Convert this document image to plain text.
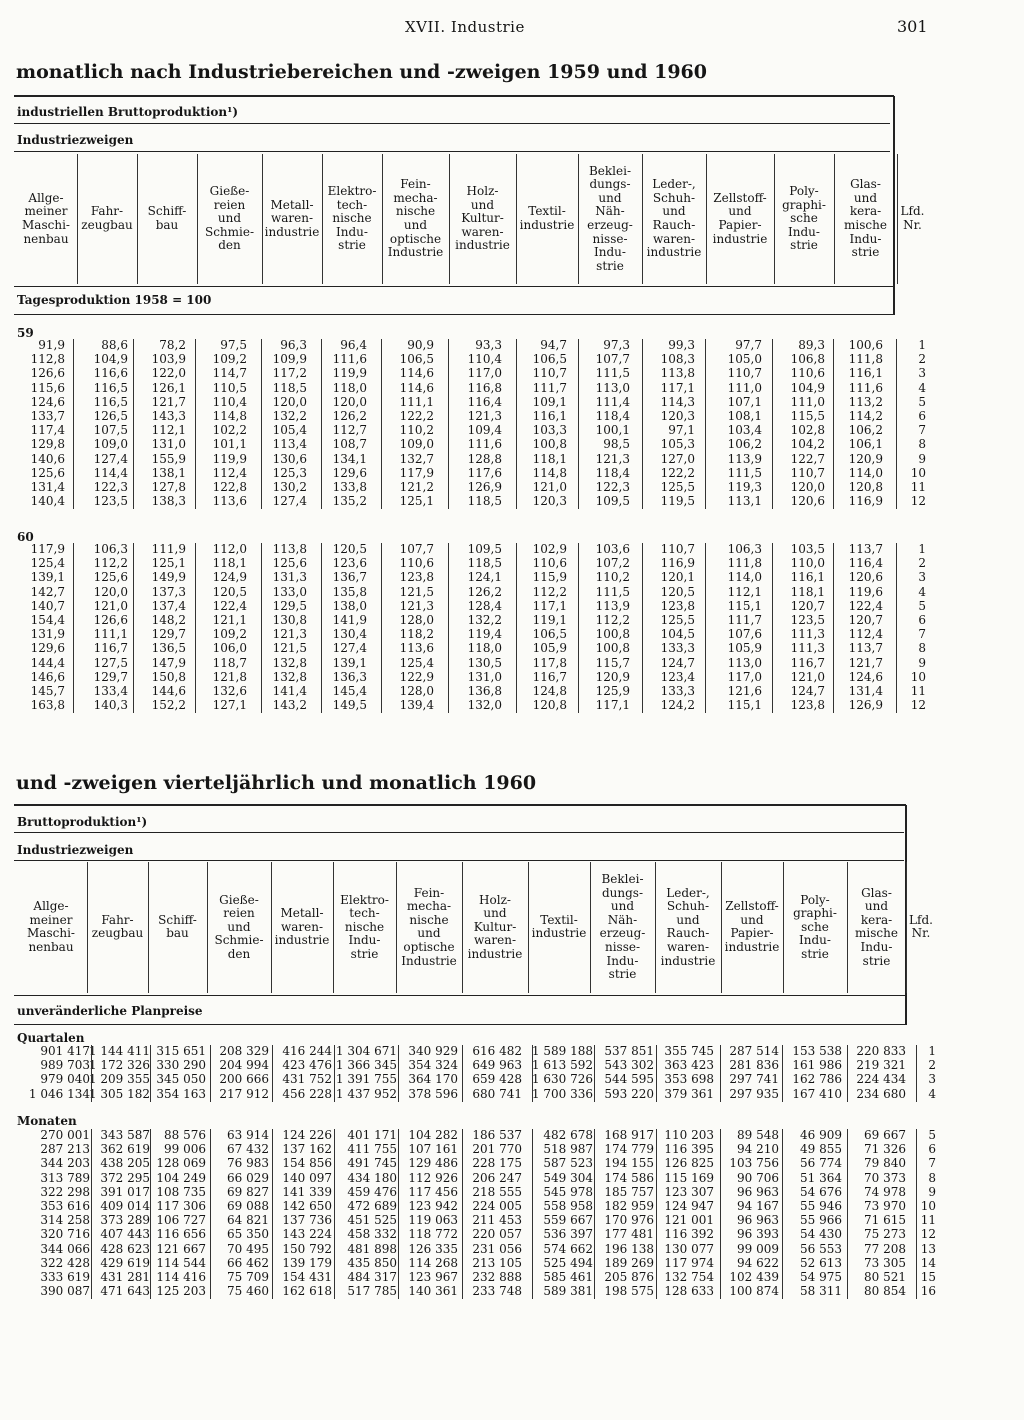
XVII. Industrie	301
monatlich nach Industriebereichen und -zweigen 1959 und 1960
und -zweigen vierteljährlich und monatlich 1960
industriellen Bruttoproduktion¹)
Industriezweigen
Tagesproduktion 1958 = 100
Bruttoproduktion¹)
Industriezweigen
unveränderliche Planpreise
Allge-
meiner
Maschi-
nenbau
Fahr-
zeugbau
Schiff-
bau
Gieße-
reien
und
Schmie-
den
Metall-
waren-
industrie
Elektro-
tech-
nische
Indu-
strie
Fein-
mecha-
nische
und
optische
Industrie
Holz-
und
Kultur-
waren-
industrie
Textil-
industrie
Beklei-
dungs-
und
Näh-
erzeug-
nisse-
Indu-
strie
Leder-,
Schuh-
und
Rauch-
waren-
industrie
Zellstoff-
und
Papier-
industrie
Poly-
graphi-
sche
Indu-
strie
Glas-
und
kera-
mische
Indu-
strie
Lfd.
Nr.
59
91,9
112,8
126,6
115,6
124,6
133,7
117,4
129,8
140,6
125,6
131,4
140,4
88,6
104,9
116,6
116,5
116,5
126,5
107,5
109,0
127,4
114,4
122,3
123,5
78,2
103,9
122,0
126,1
121,7
143,3
112,1
131,0
155,9
138,1
127,8
138,3
97,5
109,2
114,7
110,5
110,4
114,8
102,2
101,1
119,9
112,4
122,8
113,6
96,3
109,9
117,2
118,5
120,0
132,2
105,4
113,4
130,6
125,3
130,2
127,4
96,4
111,6
119,9
118,0
120,0
126,2
112,7
108,7
134,1
129,6
133,8
135,2
90,9
106,5
114,6
114,6
111,1
122,2
110,2
109,0
132,7
117,9
121,2
125,1
93,3
110,4
117,0
116,8
116,4
121,3
109,4
111,6
128,8
117,6
126,9
118,5
94,7
106,5
110,7
111,7
109,1
116,1
103,3
100,8
118,1
114,8
121,0
120,3
97,3
107,7
111,5
113,0
111,4
118,4
100,1
98,5
121,3
118,4
122,3
109,5
99,3
108,3
113,8
117,1
114,3
120,3
97,1
105,3
127,0
122,2
125,5
119,5
97,7
105,0
110,7
111,0
107,1
108,1
103,4
106,2
113,9
111,5
119,3
113,1
89,3
106,8
110,6
104,9
111,0
115,5
102,8
104,2
122,7
110,7
120,0
120,6
100,6
111,8
116,1
111,6
113,2
114,2
106,2
106,1
120,9
114,0
120,8
116,9
1
2
3
4
5
6
7
8
9
10
11
12
60
117,9
125,4
139,1
142,7
140,7
154,4
131,9
129,6
144,4
146,6
145,7
163,8
106,3
112,2
125,6
120,0
121,0
126,6
111,1
116,7
127,5
129,7
133,4
140,3
111,9
125,1
149,9
137,3
137,4
148,2
129,7
136,5
147,9
150,8
144,6
152,2
112,0
118,1
124,9
120,5
122,4
121,1
109,2
106,0
118,7
121,8
132,6
127,1
113,8
125,6
131,3
133,0
129,5
130,8
121,3
121,5
132,8
132,8
141,4
143,2
120,5
123,6
136,7
135,8
138,0
141,9
130,4
127,4
139,1
136,3
145,4
149,5
107,7
110,6
123,8
121,5
121,3
128,0
118,2
113,6
125,4
122,9
128,0
139,4
109,5
118,5
124,1
126,2
128,4
132,2
119,4
118,0
130,5
131,0
136,8
132,0
102,9
110,6
115,9
112,2
117,1
119,1
106,5
105,9
117,8
116,7
124,8
120,8
103,6
107,2
110,2
111,5
113,9
112,2
100,8
100,8
115,7
120,9
125,9
117,1
110,7
116,9
120,1
120,5
123,8
125,5
104,5
133,3
124,7
123,4
133,3
124,2
106,3
111,8
114,0
112,1
115,1
111,7
107,6
105,9
113,0
117,0
121,6
115,1
103,5
110,0
116,1
118,1
120,7
123,5
111,3
111,3
116,7
121,0
124,7
123,8
113,7
116,4
120,6
119,6
122,4
120,7
112,4
113,7
121,7
124,6
131,4
126,9
1
2
3
4
5
6
7
8
9
10
11
12
Allge-
meiner
Maschi-
nenbau
Fahr-
zeugbau
Schiff-
bau
Gieße-
reien
und
Schmie-
den
Metall-
waren-
industrie
Elektro-
tech-
nische
Indu-
strie
Fein-
mecha-
nische
und
optische
Industrie
Holz-
und
Kultur-
waren-
industrie
Textil-
industrie
Beklei-
dungs-
und
Näh-
erzeug-
nisse-
Indu-
strie
Leder-,
Schuh-
und
Rauch-
waren-
industrie
Zellstoff-
und
Papier-
industrie
Poly-
graphi-
sche
Indu-
strie
Glas-
und
kera-
mische
Indu-
strie
Lfd.
Nr.
Quartalen
901 417
989 703
979 040
1 046 134
1 144 411
1 172 326
1 209 355
1 305 182
315 651
330 290
345 050
354 163
208 329
204 994
200 666
217 912
416 244
423 476
431 752
456 228
1 304 671
1 366 345
1 391 755
1 437 952
340 929
354 324
364 170
378 596
616 482
649 963
659 428
680 741
1 589 188
1 613 592
1 630 726
1 700 336
537 851
543 302
544 595
593 220
355 745
363 423
353 698
379 361
287 514
281 836
297 741
297 935
153 538
161 986
162 786
167 410
220 833
219 321
224 434
234 680
1
2
3
4
Monaten
270 001
287 213
344 203
313 789
322 298
353 616
314 258
320 716
344 066
322 428
333 619
390 087
343 587
362 619
438 205
372 295
391 017
409 014
373 289
407 443
428 623
429 619
431 281
471 643
88 576
99 006
128 069
104 249
108 735
117 306
106 727
116 656
121 667
114 544
114 416
125 203
63 914
67 432
76 983
66 029
69 827
69 088
64 821
65 350
70 495
66 462
75 709
75 460
124 226
137 162
154 856
140 097
141 339
142 650
137 736
143 224
150 792
139 179
154 431
162 618
401 171
411 755
491 745
434 180
459 476
472 689
451 525
458 332
481 898
435 850
484 317
517 785
104 282
107 161
129 486
112 926
117 456
123 942
119 063
118 772
126 335
114 268
123 967
140 361
186 537
201 770
228 175
206 247
218 555
224 005
211 453
220 057
231 056
213 105
232 888
233 748
482 678
518 987
587 523
549 304
545 978
558 958
559 667
536 397
574 662
525 494
585 461
589 381
168 917
174 779
194 155
174 586
185 757
182 959
170 976
177 481
196 138
189 269
205 876
198 575
110 203
116 395
126 825
115 169
123 307
124 947
121 001
116 392
130 077
117 974
132 754
128 633
89 548
94 210
103 756
90 706
96 963
94 167
96 963
96 393
99 009
94 622
102 439
100 874
46 909
49 855
56 774
51 364
54 676
55 946
55 966
54 430
56 553
52 613
54 975
58 311
69 667
71 326
79 840
70 373
74 978
73 970
71 615
75 273
77 208
73 305
80 521
80 854
5
6
7
8
9
10
11
12
13
14
15
16
